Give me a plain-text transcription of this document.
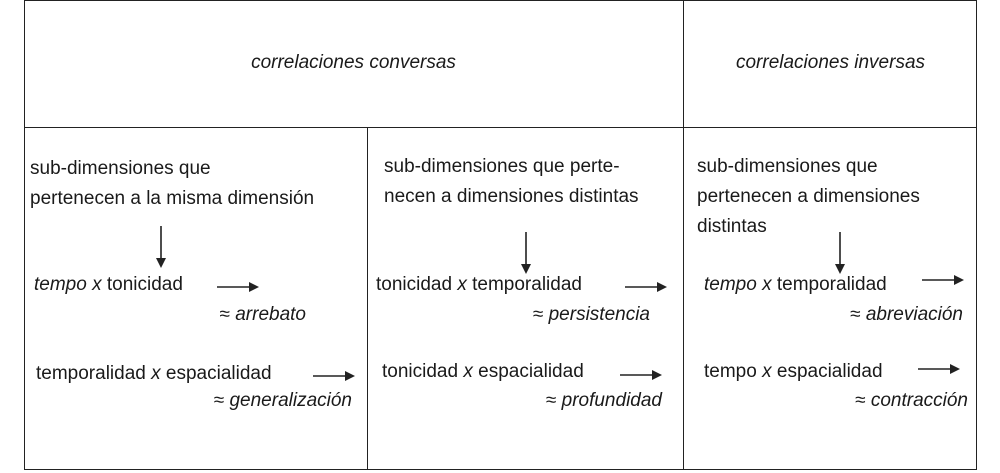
correlaciones conversas	correlaciones inversas
sub-dimensiones que
pertenecen a la misma dimensión
tempo x tonicidad
≈ arrebato
temporalidad x espacialidad
≈ generalización
sub-dimensiones que perte-
necen a dimensiones distintas
tonicidad x temporalidad
≈ persistencia
tonicidad x espacialidad
≈ profundidad
sub-dimensiones que
pertenecen a dimensiones
distintas
tempo x temporalidad
≈ abreviación
tempo x espacialidad
≈ contracción
